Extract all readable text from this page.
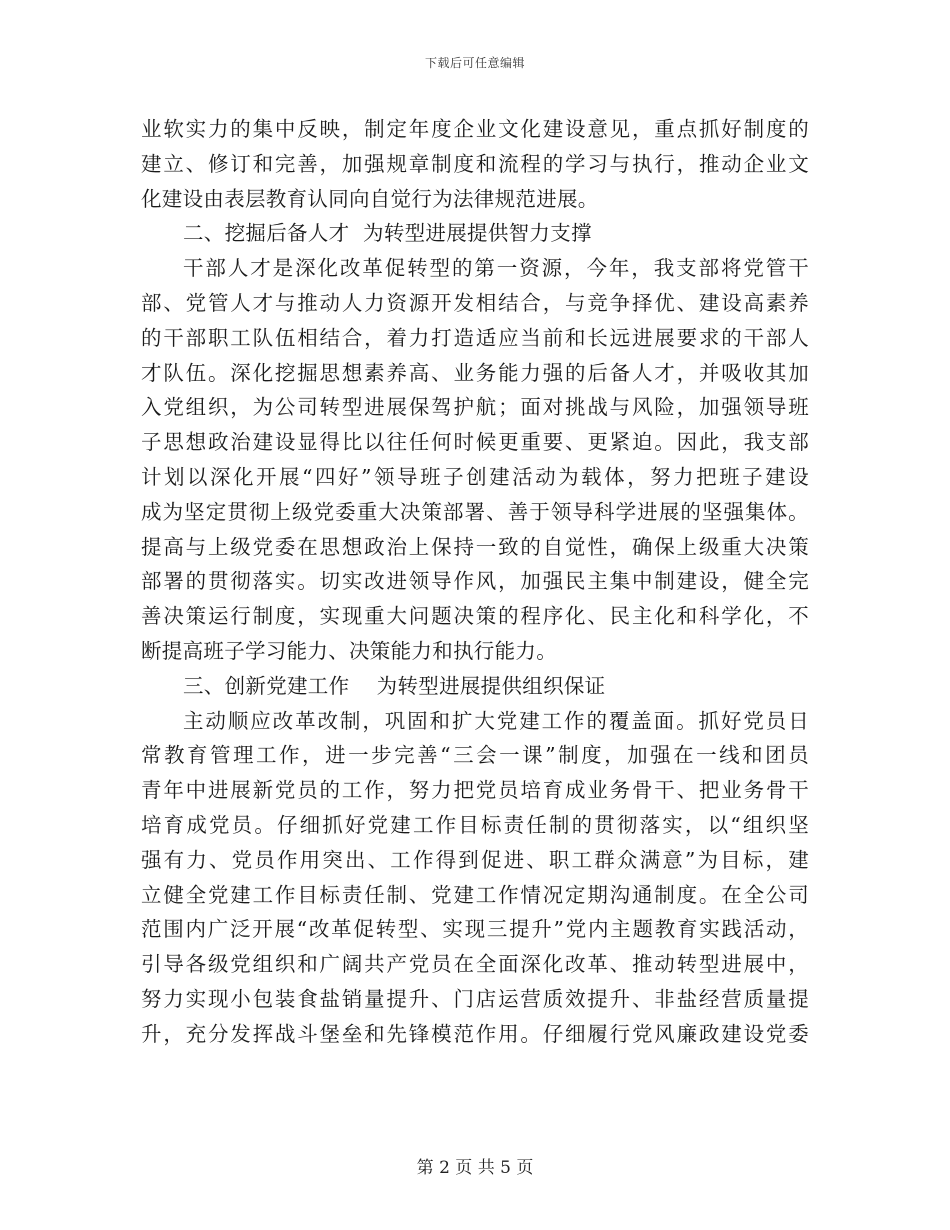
下载后可任意编辑
业软实力的集中反映，制定年度企业文化建设意见，重点抓好制度的
建立、修订和完善，加强规章制度和流程的学习与执行，推动企业文
化建设由表层教育认同向自觉行为法律规范进展。
二、挖掘后备人才  为转型进展提供智力支撑
干部人才是深化改革促转型的第一资源，今年，我支部将党管干
部、党管人才与推动人力资源开发相结合，与竞争择优、建设高素养
的干部职工队伍相结合，着力打造适应当前和长远进展要求的干部人
才队伍。深化挖掘思想素养高、业务能力强的后备人才，并吸收其加
入党组织，为公司转型进展保驾护航；面对挑战与风险，加强领导班
子思想政治建设显得比以往任何时候更重要、更紧迫。因此，我支部
计划以深化开展“四好”领导班子创建活动为载体，努力把班子建设
成为坚定贯彻上级党委重大决策部署、善于领导科学进展的坚强集体。
提高与上级党委在思想政治上保持一致的自觉性，确保上级重大决策
部署的贯彻落实。切实改进领导作风，加强民主集中制建设，健全完
善决策运行制度，实现重大问题决策的程序化、民主化和科学化，不
断提高班子学习能力、决策能力和执行能力。
三、创新党建工作    为转型进展提供组织保证
主动顺应改革改制，巩固和扩大党建工作的覆盖面。抓好党员日
常教育管理工作，进一步完善“三会一课”制度，加强在一线和团员
青年中进展新党员的工作，努力把党员培育成业务骨干、把业务骨干
培育成党员。仔细抓好党建工作目标责任制的贯彻落实，以“组织坚
强有力、党员作用突出、工作得到促进、职工群众满意”为目标，建
立健全党建工作目标责任制、党建工作情况定期沟通制度。在全公司
范围内广泛开展“改革促转型、实现三提升”党内主题教育实践活动，
引导各级党组织和广阔共产党员在全面深化改革、推动转型进展中，
努力实现小包装食盐销量提升、门店运营质效提升、非盐经营质量提
升，充分发挥战斗堡垒和先锋模范作用。仔细履行党风廉政建设党委
第 2 页 共 5 页
